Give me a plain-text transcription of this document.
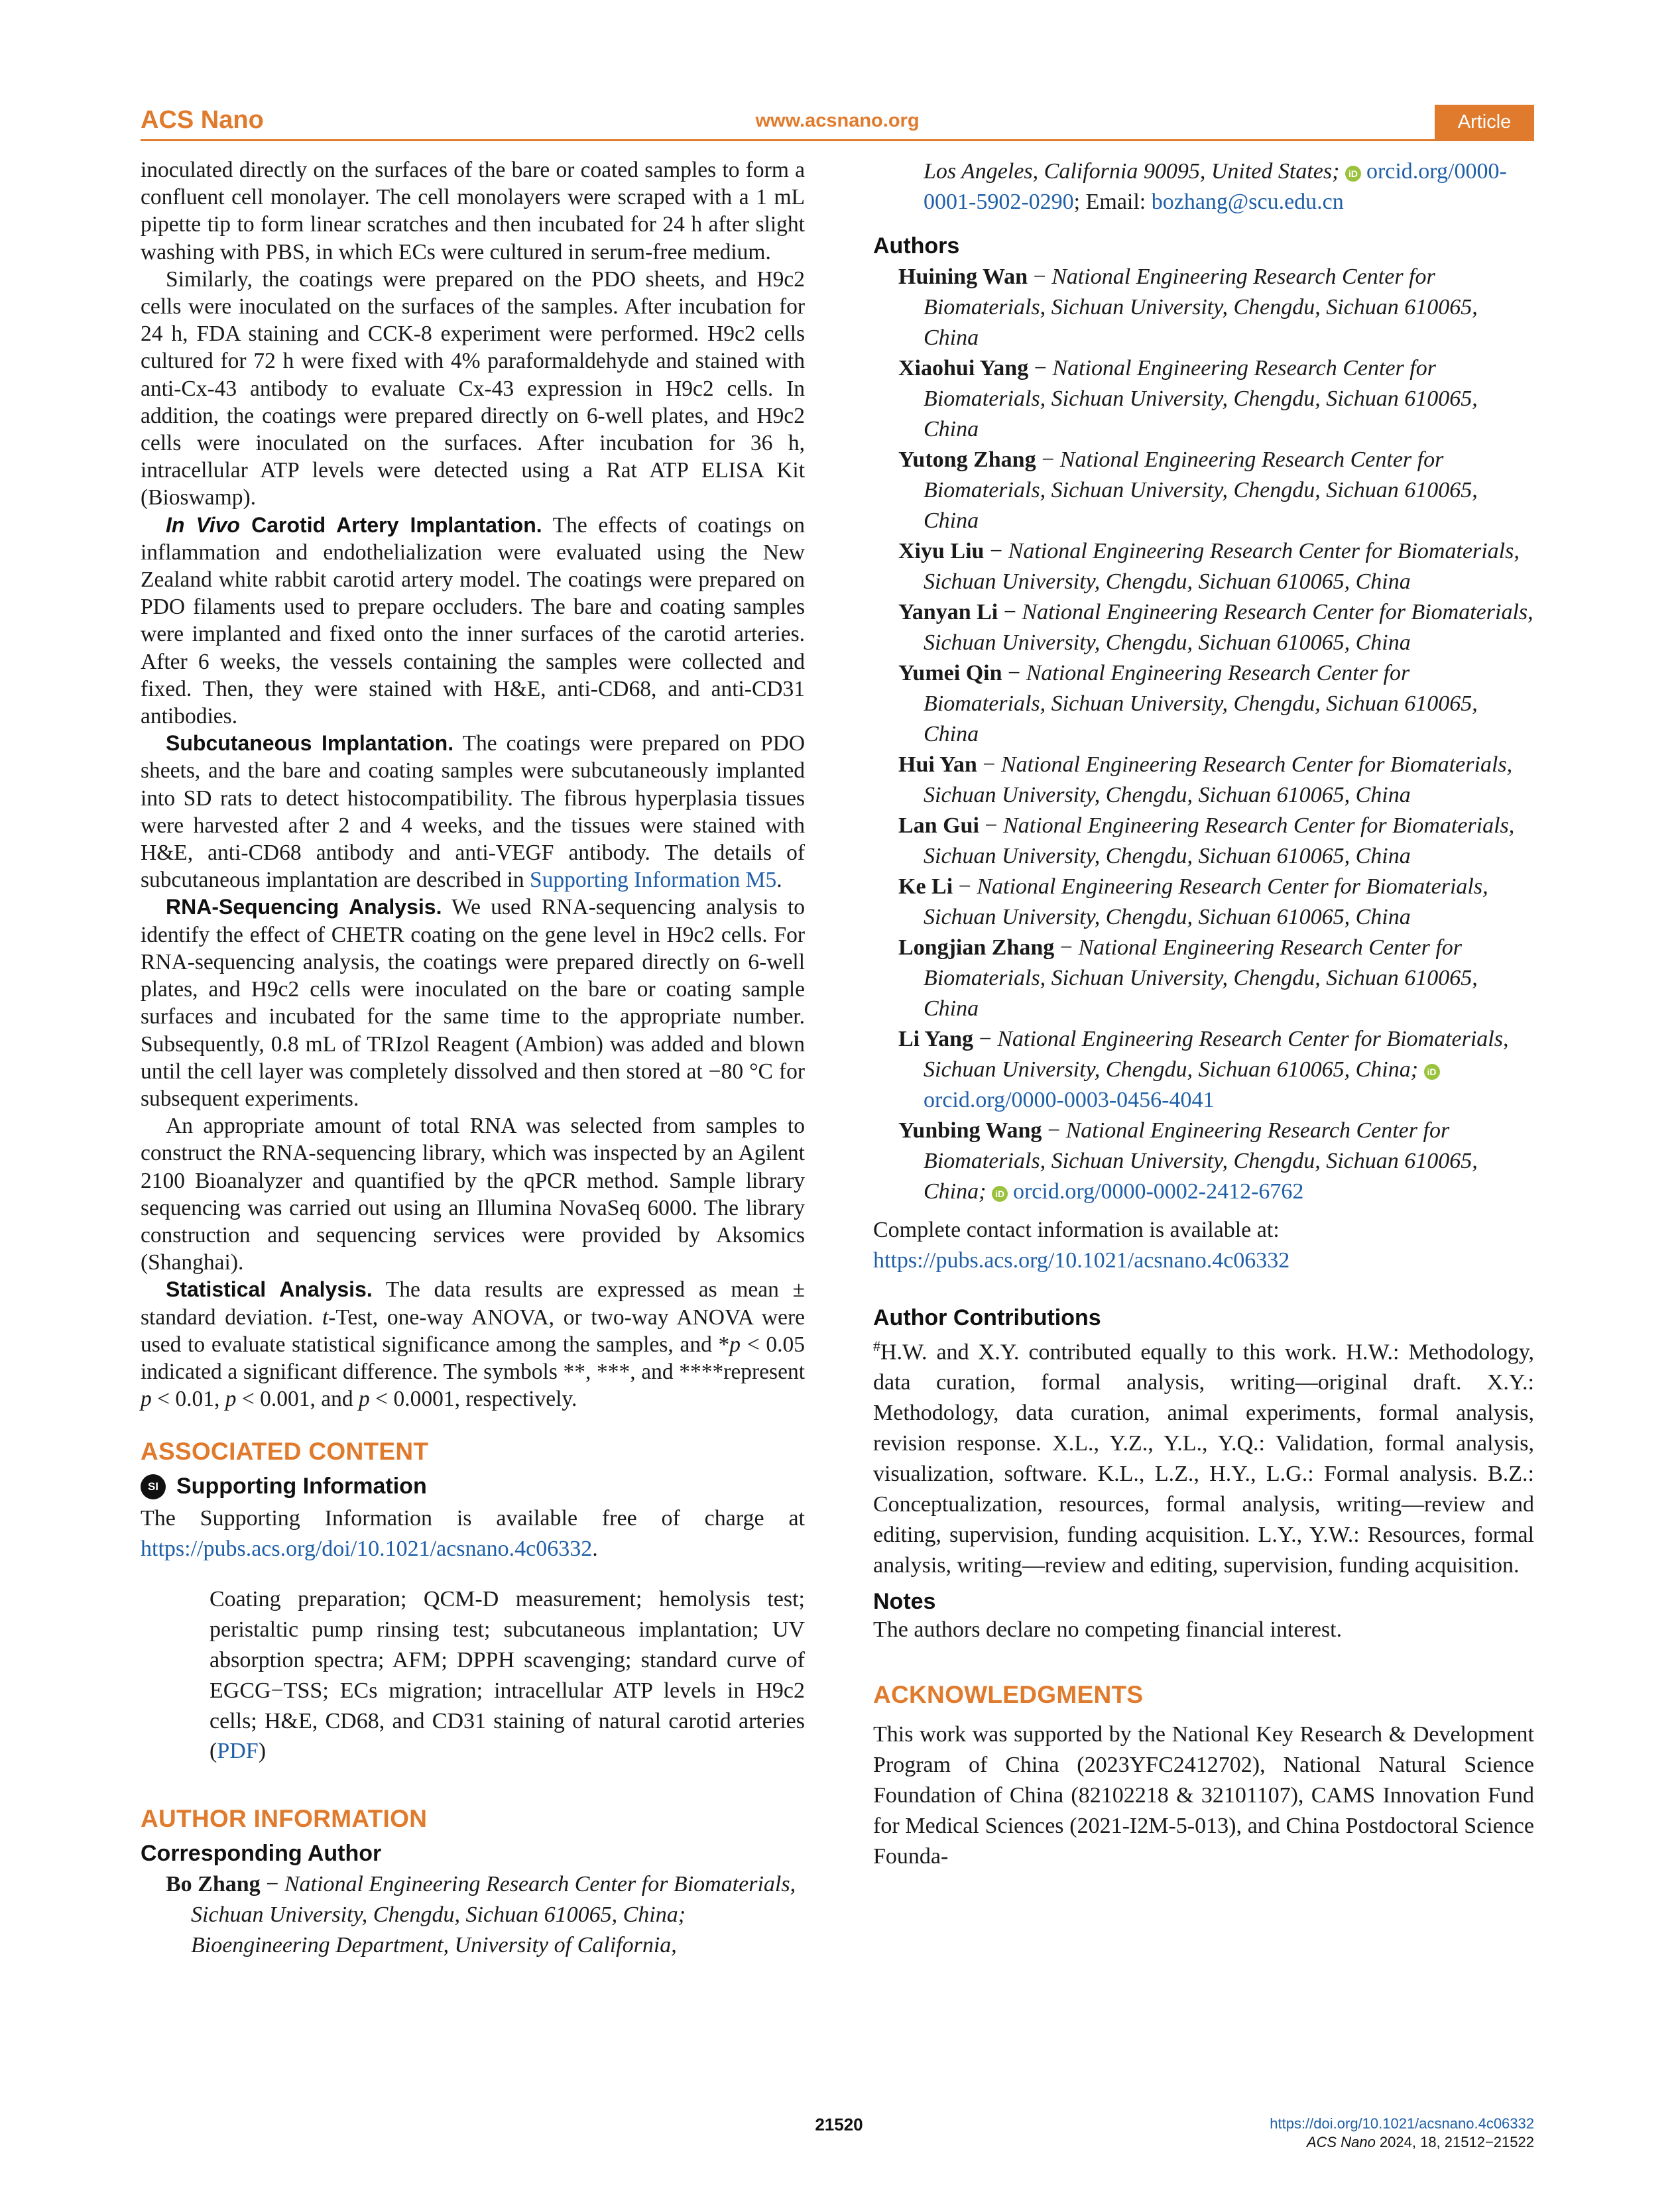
ACS Nano	www.acsnano.org	Article

inoculated directly on the surfaces of the bare or coated samples to form a confluent cell monolayer. The cell monolayers were scraped with a 1 mL pipette tip to form linear scratches and then incubated for 24 h after slight washing with PBS, in which ECs were cultured in serum-free medium.

Similarly, the coatings were prepared on the PDO sheets, and H9c2 cells were inoculated on the surfaces of the samples. After incubation for 24 h, FDA staining and CCK-8 experiment were performed. H9c2 cells cultured for 72 h were fixed with 4% paraformaldehyde and stained with anti-Cx-43 antibody to evaluate Cx-43 expression in H9c2 cells. In addition, the coatings were prepared directly on 6-well plates, and H9c2 cells were inoculated on the surfaces. After incubation for 36 h, intracellular ATP levels were detected using a Rat ATP ELISA Kit (Bioswamp).

In Vivo Carotid Artery Implantation. The effects of coatings on inflammation and endothelialization were evaluated using the New Zealand white rabbit carotid artery model. The coatings were prepared on PDO filaments used to prepare occluders. The bare and coating samples were implanted and fixed onto the inner surfaces of the carotid arteries. After 6 weeks, the vessels containing the samples were collected and fixed. Then, they were stained with H&E, anti-CD68, and anti-CD31 antibodies.

Subcutaneous Implantation. The coatings were prepared on PDO sheets, and the bare and coating samples were subcutaneously implanted into SD rats to detect histocompatibility. The fibrous hyperplasia tissues were harvested after 2 and 4 weeks, and the tissues were stained with H&E, anti-CD68 antibody and anti-VEGF antibody. The details of subcutaneous implantation are described in Supporting Information M5.

RNA-Sequencing Analysis. We used RNA-sequencing analysis to identify the effect of CHETR coating on the gene level in H9c2 cells. For RNA-sequencing analysis, the coatings were prepared directly on 6-well plates, and H9c2 cells were inoculated on the bare or coating sample surfaces and incubated for the same time to the appropriate number. Subsequently, 0.8 mL of TRIzol Reagent (Ambion) was added and blown until the cell layer was completely dissolved and then stored at −80 °C for subsequent experiments.

An appropriate amount of total RNA was selected from samples to construct the RNA-sequencing library, which was inspected by an Agilent 2100 Bioanalyzer and quantified by the qPCR method. Sample library sequencing was carried out using an Illumina NovaSeq 6000. The library construction and sequencing services were provided by Aksomics (Shanghai).

Statistical Analysis. The data results are expressed as mean ± standard deviation. t-Test, one-way ANOVA, or two-way ANOVA were used to evaluate statistical significance among the samples, and *p < 0.05 indicated a significant difference. The symbols **, ***, and ****represent p < 0.01, p < 0.001, and p < 0.0001, respectively.

ASSOCIATED CONTENT
SI Supporting Information

The Supporting Information is available free of charge at https://pubs.acs.org/doi/10.1021/acsnano.4c06332.

Coating preparation; QCM-D measurement; hemolysis test; peristaltic pump rinsing test; subcutaneous implantation; UV absorption spectra; AFM; DPPH scavenging; standard curve of EGCG−TSS; ECs migration; intracellular ATP levels in H9c2 cells; H&E, CD68, and CD31 staining of natural carotid arteries (PDF)

AUTHOR INFORMATION
Corresponding Author

Bo Zhang − National Engineering Research Center for Biomaterials, Sichuan University, Chengdu, Sichuan 610065, China; Bioengineering Department, University of California,

Los Angeles, California 90095, United States; iD orcid.org/0000-0001-5902-0290; Email: bozhang@scu.edu.cn

Authors

Huining Wan − National Engineering Research Center for Biomaterials, Sichuan University, Chengdu, Sichuan 610065, China

Xiaohui Yang − National Engineering Research Center for Biomaterials, Sichuan University, Chengdu, Sichuan 610065, China

Yutong Zhang − National Engineering Research Center for Biomaterials, Sichuan University, Chengdu, Sichuan 610065, China

Xiyu Liu − National Engineering Research Center for Biomaterials, Sichuan University, Chengdu, Sichuan 610065, China

Yanyan Li − National Engineering Research Center for Biomaterials, Sichuan University, Chengdu, Sichuan 610065, China

Yumei Qin − National Engineering Research Center for Biomaterials, Sichuan University, Chengdu, Sichuan 610065, China

Hui Yan − National Engineering Research Center for Biomaterials, Sichuan University, Chengdu, Sichuan 610065, China

Lan Gui − National Engineering Research Center for Biomaterials, Sichuan University, Chengdu, Sichuan 610065, China

Ke Li − National Engineering Research Center for Biomaterials, Sichuan University, Chengdu, Sichuan 610065, China

Longjian Zhang − National Engineering Research Center for Biomaterials, Sichuan University, Chengdu, Sichuan 610065, China

Li Yang − National Engineering Research Center for Biomaterials, Sichuan University, Chengdu, Sichuan 610065, China; iDorcid.org/0000-0003-0456-4041

Yunbing Wang − National Engineering Research Center for Biomaterials, Sichuan University, Chengdu, Sichuan 610065, China; iD orcid.org/0000-0002-2412-6762

Complete contact information is available at:
https://pubs.acs.org/10.1021/acsnano.4c06332

Author Contributions

#H.W. and X.Y. contributed equally to this work. H.W.: Methodology, data curation, formal analysis, writing—original draft. X.Y.: Methodology, data curation, animal experiments, formal analysis, revision response. X.L., Y.Z., Y.L., Y.Q.: Validation, formal analysis, visualization, software. K.L., L.Z., H.Y., L.G.: Formal analysis. B.Z.: Conceptualization, resources, formal analysis, writing—review and editing, supervision, funding acquisition. L.Y., Y.W.: Resources, formal analysis, writing—review and editing, supervision, funding acquisition.

Notes

The authors declare no competing financial interest.

ACKNOWLEDGMENTS

This work was supported by the National Key Research & Development Program of China (2023YFC2412702), National Natural Science Foundation of China (82102218 & 32101107), CAMS Innovation Fund for Medical Sciences (2021-I2M-5-013), and China Postdoctoral Science Founda-

21520	https://doi.org/10.1021/acsnano.4c06332
ACS Nano 2024, 18, 21512−21522
